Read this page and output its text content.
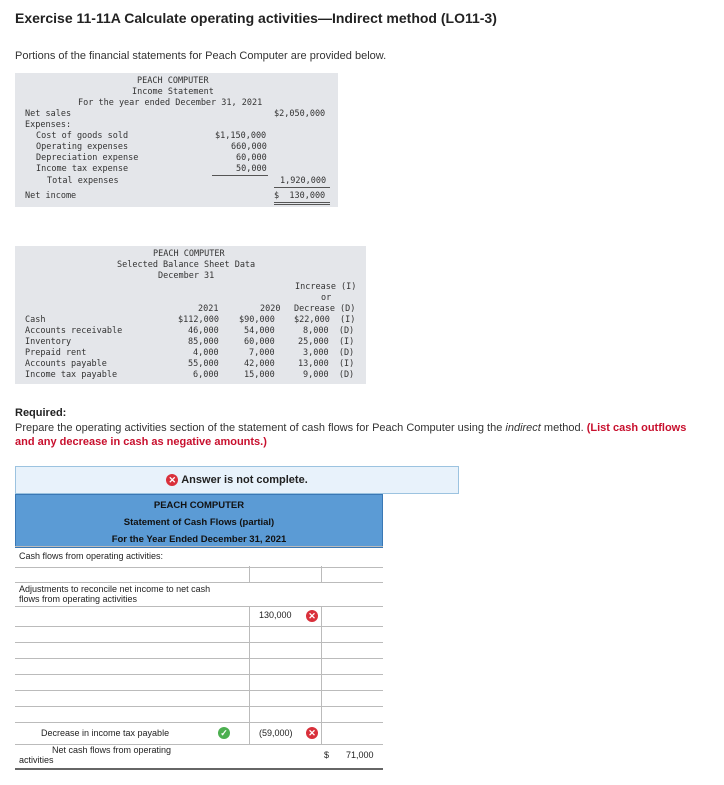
Exercise 11-11A Calculate operating activities—Indirect method (LO11-3)
Portions of the financial statements for Peach Computer are provided below.
PEACH COMPUTER
Income Statement
For the year ended December 31, 2021
Net sales	$2,050,000
Expenses:
Cost of goods sold	$1,150,000
Operating expenses	660,000
Depreciation expense	60,000
Income tax expense	50,000
Total expenses	1,920,000
Net income	$  130,000
PEACH COMPUTER
Selected Balance Sheet Data
December 31
Increase (I)
or
Decrease (D)
2021	2020
Cash	$112,000 $90,000 $22,000  (I)
Accounts receivable	46,000	54,000	8,000  (D)
Inventory	85,000	60,000	25,000  (I)
Prepaid rent	4,000	7,000	3,000  (D)
Accounts payable	55,000	42,000	13,000  (I)
Income tax payable	6,000	15,000	9,000  (D)
Required:
Prepare the operating activities section of the statement of cash flows for Peach Computer using the indirect method. (List cash outflows and any decrease in cash as negative amounts.)
✕ Answer is not complete.
PEACH COMPUTER
Statement of Cash Flows (partial)
For the Year Ended December 31, 2021
Cash flows from operating activities:
Adjustments to reconcile net income to net cash flows from operating activities
130,000 ✕
Decrease in income tax payable	✓	(59,000) ✕
Net cash flows from operating activities	$ 71,000
